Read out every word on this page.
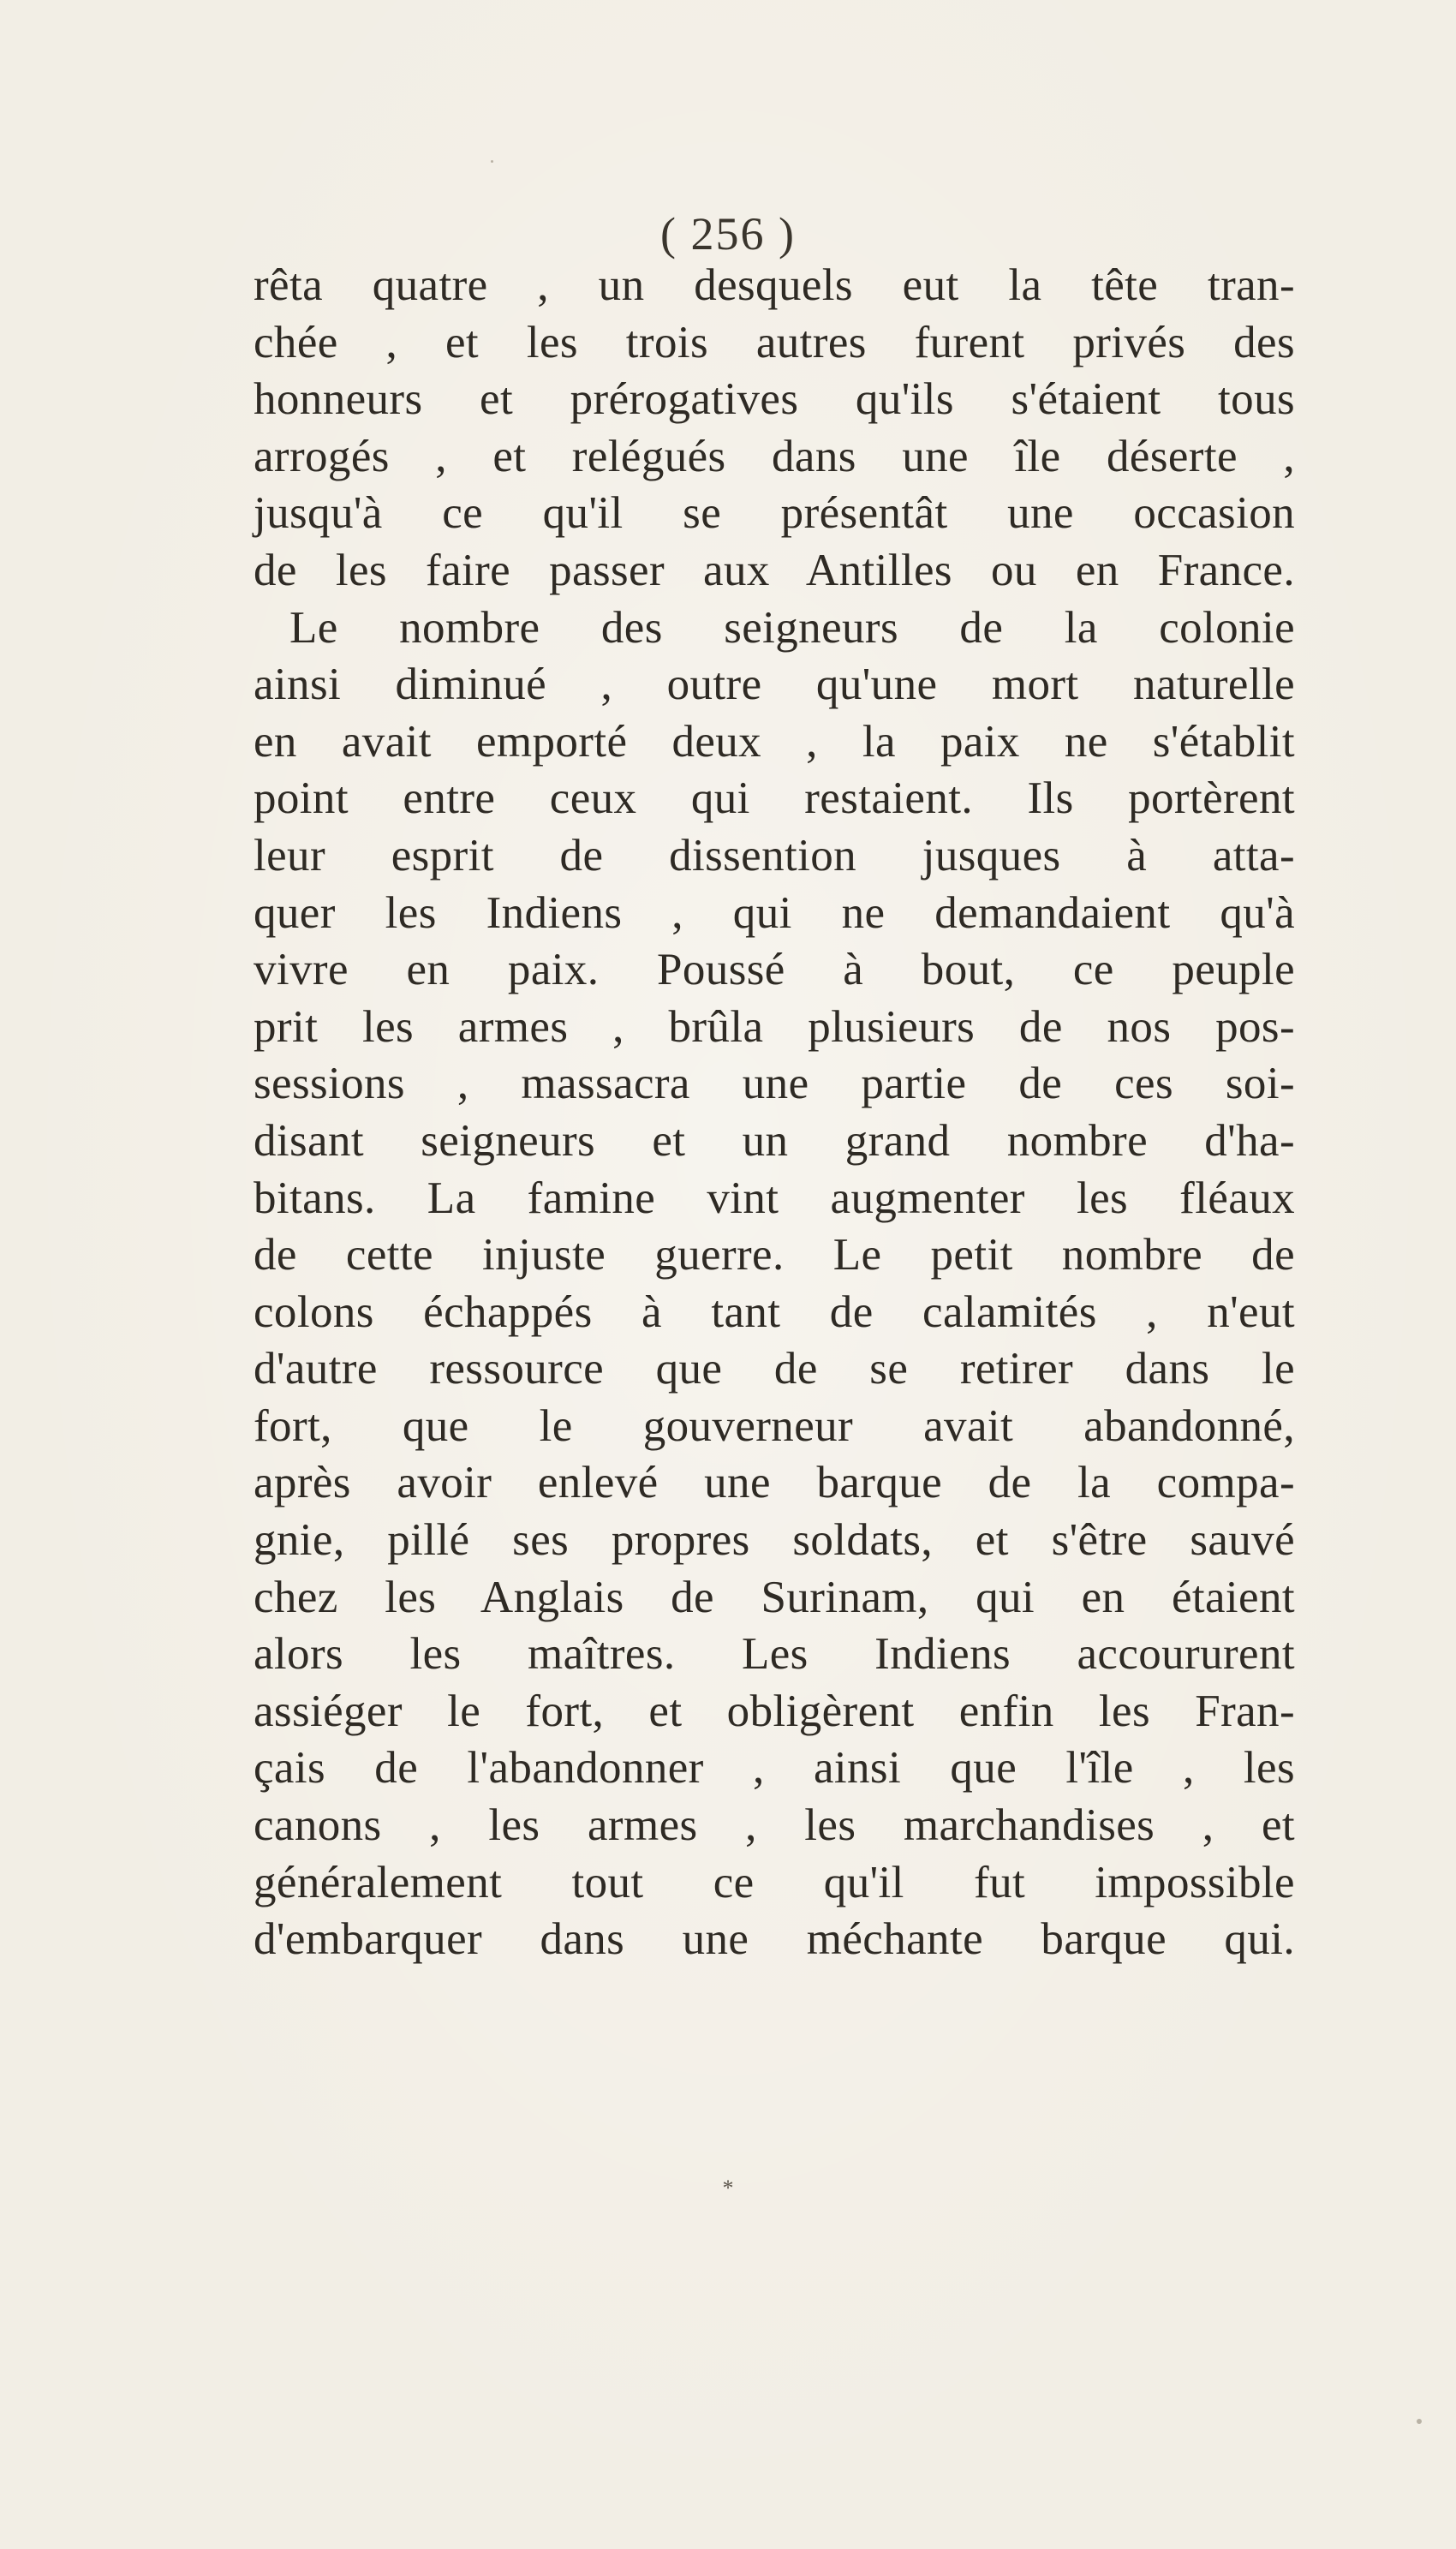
( 256 )
rêta quatre , un desquels eut la tête tran-
chée , et les trois autres furent privés des
honneurs et prérogatives qu'ils s'étaient tous
arrogés , et relégués dans une île déserte ,
jusqu'à ce qu'il se présentât une occasion
de les faire passer aux Antilles ou en France.
Le nombre des seigneurs de la colonie
ainsi diminué , outre qu'une mort naturelle
en avait emporté deux , la paix ne s'établit
point entre ceux qui restaient. Ils portèrent
leur esprit de dissention jusques à atta-
quer les Indiens , qui ne demandaient qu'à
vivre en paix. Poussé à bout, ce peuple
prit les armes , brûla plusieurs de nos pos-
sessions , massacra une partie de ces soi-
disant seigneurs et un grand nombre d'ha-
bitans. La famine vint augmenter les fléaux
de cette injuste guerre. Le petit nombre de
colons échappés à tant de calamités , n'eut
d'autre ressource que de se retirer dans le
fort, que le gouverneur avait abandonné,
après avoir enlevé une barque de la compa-
gnie, pillé ses propres soldats, et s'être sauvé
chez les Anglais de Surinam, qui en étaient
alors les maîtres. Les Indiens accoururent
assiéger le fort, et obligèrent enfin les Fran-
çais de l'abandonner , ainsi que l'île , les
canons , les armes , les marchandises , et
généralement tout ce qu'il fut impossible
d'embarquer dans une méchante barque qui.
*
